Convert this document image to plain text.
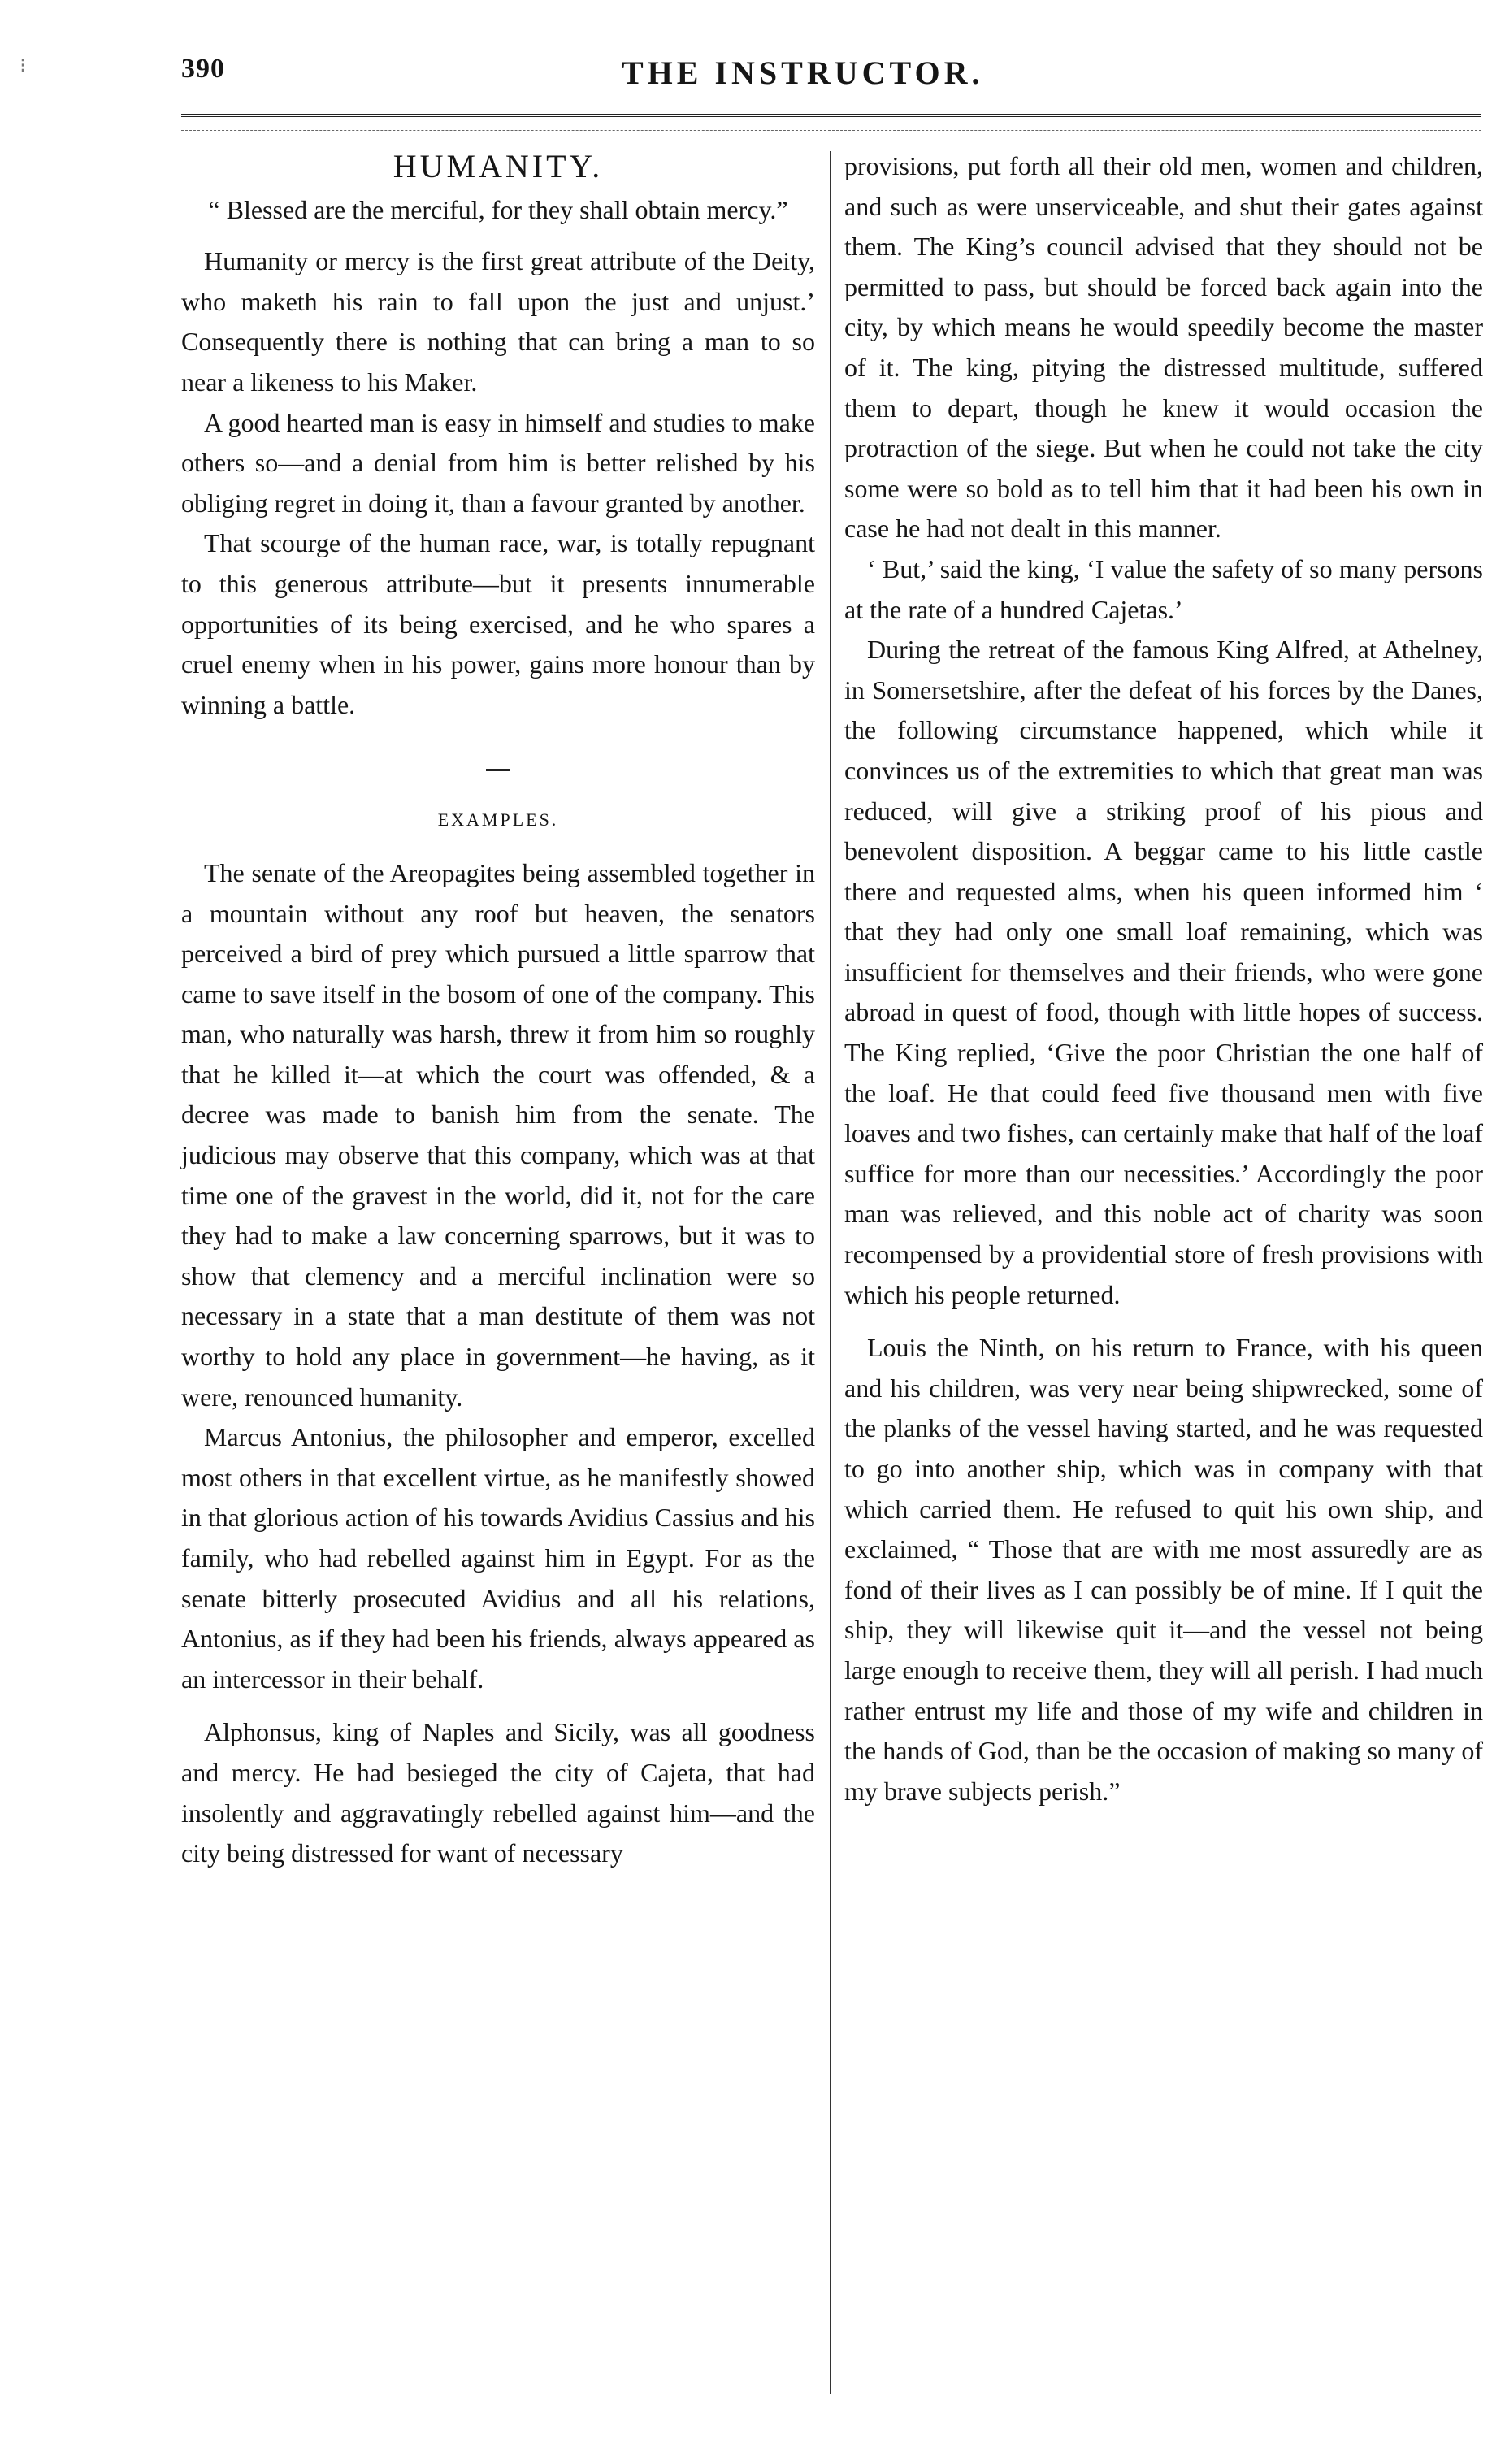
⁝	390	THE INSTRUCTOR.
HUMANITY.

“ Blessed are the merciful, for they shall obtain mercy.”

Humanity or mercy is the first great attribute of the Deity, who maketh his rain to fall upon the just and unjust.’ Consequently there is nothing that can bring a man to so near a likeness to his Maker.

A good hearted man is easy in himself and studies to make others so—and a denial from him is better relished by his obliging regret in doing it, than a favour granted by another.

That scourge of the human race, war, is totally repugnant to this generous attribute—but it presents innumerable opportunities of its being exercised, and he who spares a cruel enemy when in his power, gains more honour than by winning a battle.

EXAMPLES.

The senate of the Areopagites being assembled together in a mountain without any roof but heaven, the senators perceived a bird of prey which pursued a little sparrow that came to save itself in the bosom of one of the company. This man, who naturally was harsh, threw it from him so roughly that he killed it—at which the court was offended, & a decree was made to banish him from the senate. The judicious may observe that this company, which was at that time one of the gravest in the world, did it, not for the care they had to make a law concerning sparrows, but it was to show that clemency and a merciful inclination were so necessary in a state that a man destitute of them was not worthy to hold any place in government—he having, as it were, renounced humanity.

Marcus Antonius, the philosopher and emperor, excelled most others in that excellent virtue, as he manifestly showed in that glorious action of his towards Avidius Cassius and his family, who had rebelled against him in Egypt. For as the senate bitterly prosecuted Avidius and all his relations, Antonius, as if they had been his friends, always appeared as an intercessor in their behalf.

Alphonsus, king of Naples and Sicily, was all goodness and mercy. He had besieged the city of Cajeta, that had insolently and aggravatingly rebelled against him—and the city being distressed for want of necessary

provisions, put forth all their old men, women and children, and such as were unserviceable, and shut their gates against them. The King’s council advised that they should not be permitted to pass, but should be forced back again into the city, by which means he would speedily become the master of it. The king, pitying the distressed multitude, suffered them to depart, though he knew it would occasion the protraction of the siege. But when he could not take the city some were so bold as to tell him that it had been his own in case he had not dealt in this manner.

‘ But,’ said the king, ‘I value the safety of so many persons at the rate of a hundred Cajetas.’

During the retreat of the famous King Alfred, at Athelney, in Somersetshire, after the defeat of his forces by the Danes, the following circumstance happened, which while it convinces us of the extremities to which that great man was reduced, will give a striking proof of his pious and benevolent disposition. A beggar came to his little castle there and requested alms, when his queen informed him ‘ that they had only one small loaf remaining, which was insufficient for themselves and their friends, who were gone abroad in quest of food, though with little hopes of success. The King replied, ‘Give the poor Christian the one half of the loaf. He that could feed five thousand men with five loaves and two fishes, can certainly make that half of the loaf suffice for more than our necessities.’ Accordingly the poor man was relieved, and this noble act of charity was soon recompensed by a providential store of fresh provisions with which his people returned.

Louis the Ninth, on his return to France, with his queen and his children, was very near being shipwrecked, some of the planks of the vessel having started, and he was requested to go into another ship, which was in company with that which carried them. He refused to quit his own ship, and exclaimed, “ Those that are with me most assuredly are as fond of their lives as I can possibly be of mine. If I quit the ship, they will likewise quit it—and the vessel not being large enough to receive them, they will all perish. I had much rather entrust my life and those of my wife and children in the hands of God, than be the occasion of making so many of my brave subjects perish.”
